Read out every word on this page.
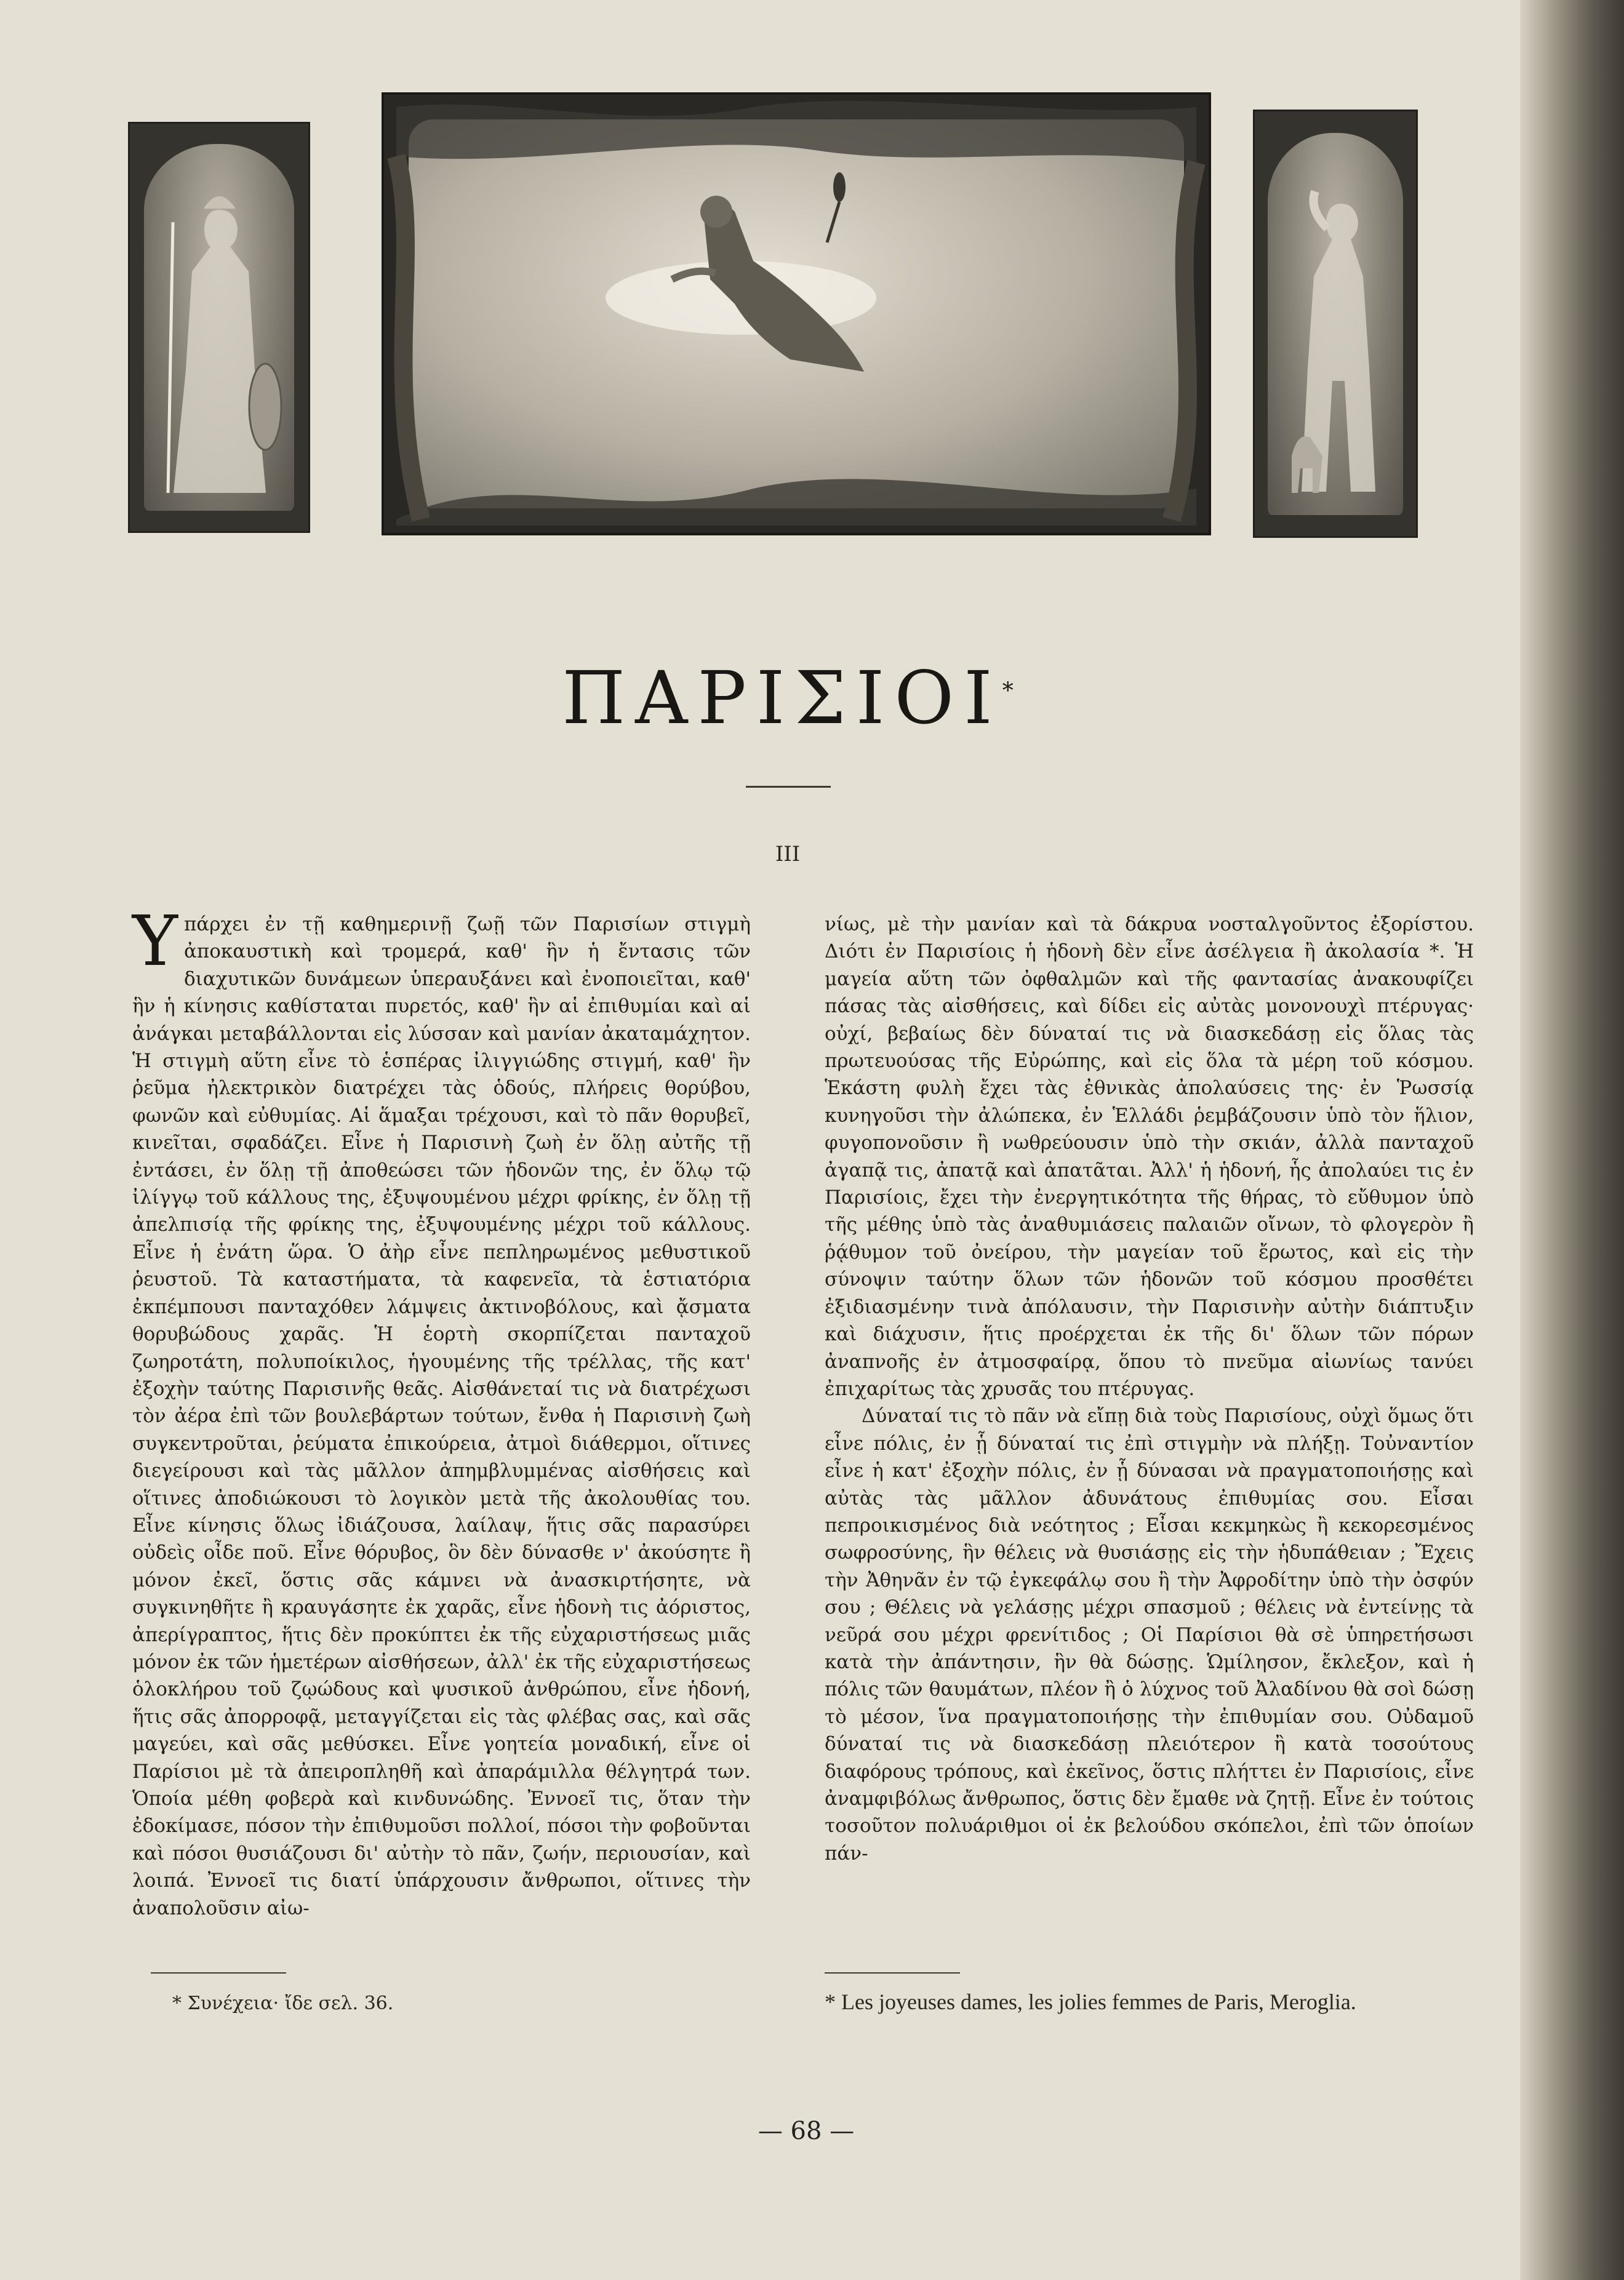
ΠΑΡΙΣΙΟΙ*
III
Υ πάρχει ἐν τῇ καθημερινῇ ζωῇ τῶν Παρισίων στιγμὴ ἀποκαυστικὴ καὶ τρομερά, καθ' ἣν ἡ ἔντασις τῶν διαχυτικῶν δυνάμεων ὑπεραυξάνει καὶ ἐνοποιεῖται, καθ' ἣν ἡ κίνησις καθίσταται πυρετός, καθ' ἣν αἱ ἐπιθυμίαι καὶ αἱ ἀνάγκαι μεταβάλλονται εἰς λύσσαν καὶ μανίαν ἀκαταμάχητον. Ἡ στιγμὴ αὕτη εἶνε τὸ ἑσπέρας ἰλιγγιώδης στιγμή, καθ' ἣν ῥεῦμα ἠλεκτρικὸν διατρέχει τὰς ὁδούς, πλήρεις θορύβου, φωνῶν καὶ εὐθυμίας. Αἱ ἅμαξαι τρέχουσι, καὶ τὸ πᾶν θορυβεῖ, κινεῖται, σφαδάζει. Εἶνε ἡ Παρισινὴ ζωὴ ἐν ὅλῃ αὐτῆς τῇ ἐντάσει, ἐν ὅλῃ τῇ ἀποθεώσει τῶν ἡδονῶν της, ἐν ὅλῳ τῷ ἰλίγγῳ τοῦ κάλλους της, ἐξυψουμένου μέχρι φρίκης, ἐν ὅλῃ τῇ ἀπελπισίᾳ τῆς φρίκης της, ἐξυψουμένης μέχρι τοῦ κάλλους. Εἶνε ἡ ἐνάτη ὥρα. Ὁ ἀὴρ εἶνε πεπληρωμένος μεθυστικοῦ ῥευστοῦ. Τὰ καταστήματα, τὰ καφενεῖα, τὰ ἑστιατόρια ἐκπέμπουσι πανταχόθεν λάμψεις ἀκτινοβόλους, καὶ ᾄσματα θορυβώδους χαρᾶς. Ἡ ἑορτὴ σκορπίζεται πανταχοῦ ζωηροτάτη, πολυποίκιλος, ἡγουμένης τῆς τρέλλας, τῆς κατ' ἐξοχὴν ταύτης Παρισινῆς θεᾶς. Αἰσθάνεταί τις νὰ διατρέχωσι τὸν ἀέρα ἐπὶ τῶν βουλεβάρτων τούτων, ἔνθα ἡ Παρισινὴ ζωὴ συγκεντροῦται, ῥεύματα ἐπικούρεια, ἀτμοὶ διάθερμοι, οἵτινες διεγείρουσι καὶ τὰς μᾶλλον ἀπημβλυμμένας αἰσθήσεις καὶ οἵτινες ἀποδιώκουσι τὸ λογικὸν μετὰ τῆς ἀκολουθίας του. Εἶνε κίνησις ὅλως ἰδιάζουσα, λαίλαψ, ἥτις σᾶς παρασύρει οὐδεὶς οἶδε ποῦ. Εἶνε θόρυβος, ὃν δὲν δύνασθε ν' ἀκούσητε ἢ μόνον ἐκεῖ, ὅστις σᾶς κάμνει νὰ ἀνασκιρτήσητε, νὰ συγκινηθῆτε ἢ κραυγάσητε ἐκ χαρᾶς, εἶνε ἡδονὴ τις ἀόριστος, ἀπερίγραπτος, ἥτις δὲν προκύπτει ἐκ τῆς εὐχαριστήσεως μιᾶς μόνον ἐκ τῶν ἡμετέρων αἰσθήσεων, ἀλλ' ἐκ τῆς εὐχαριστήσεως ὁλοκλήρου τοῦ ζῳώδους καὶ ψυσικοῦ ἀνθρώπου, εἶνε ἡδονή, ἥτις σᾶς ἀπορροφᾷ, μεταγγίζεται εἰς τὰς φλέβας σας, καὶ σᾶς μαγεύει, καὶ σᾶς μεθύσκει. Εἶνε γοητεία μοναδική, εἶνε οἱ Παρίσιοι μὲ τὰ ἀπειροπληθῆ καὶ ἀπαράμιλλα θέλγητρά των. Ὁποία μέθη φοβερὰ καὶ κινδυνώδης. Ἐννοεῖ τις, ὅταν τὴν ἐδοκίμασε, πόσον τὴν ἐπιθυμοῦσι πολλοί, πόσοι τὴν φοβοῦνται καὶ πόσοι θυσιάζουσι δι' αὐτὴν τὸ πᾶν, ζωήν, περιουσίαν, καὶ λοιπά. Ἐννοεῖ τις διατί ὑπάρχουσιν ἄνθρωποι, οἵτινες τὴν ἀναπολοῦσιν αἰω-

νίως, μὲ τὴν μανίαν καὶ τὰ δάκρυα νοσταλγοῦντος ἐξορίστου. Διότι ἐν Παρισίοις ἡ ἡδονὴ δὲν εἶνε ἀσέλγεια ἢ ἀκολασία *. Ἡ μαγεία αὕτη τῶν ὀφθαλμῶν καὶ τῆς φαντασίας ἀνακουφίζει πάσας τὰς αἰσθήσεις, καὶ δίδει εἰς αὐτὰς μονονουχὶ πτέρυγας· οὐχί, βεβαίως δὲν δύναταί τις νὰ διασκεδάσῃ εἰς ὅλας τὰς πρωτευούσας τῆς Εὐρώπης, καὶ εἰς ὅλα τὰ μέρη τοῦ κόσμου. Ἑκάστη φυλὴ ἔχει τὰς ἐθνικὰς ἀπολαύσεις της· ἐν Ῥωσσίᾳ κυνηγοῦσι τὴν ἀλώπεκα, ἐν Ἑλλάδι ῥεμβάζουσιν ὑπὸ τὸν ἥλιον, φυγοπονοῦσιν ἢ νωθρεύουσιν ὑπὸ τὴν σκιάν, ἀλλὰ πανταχοῦ ἀγαπᾷ τις, ἀπατᾷ καὶ ἀπατᾶται. Ἀλλ' ἡ ἡδονή, ἧς ἀπολαύει τις ἐν Παρισίοις, ἔχει τὴν ἐνεργητικότητα τῆς θήρας, τὸ εὔθυμον ὑπὸ τῆς μέθης ὑπὸ τὰς ἀναθυμιάσεις παλαιῶν οἴνων, τὸ φλογερὸν ἢ ῥᾴθυμον τοῦ ὀνείρου, τὴν μαγείαν τοῦ ἔρωτος, καὶ εἰς τὴν σύνοψιν ταύτην ὅλων τῶν ἡδονῶν τοῦ κόσμου προσθέτει ἐξιδιασμένην τινὰ ἀπόλαυσιν, τὴν Παρισινὴν αὐτὴν διάπτυξιν καὶ διάχυσιν, ἥτις προέρχεται ἐκ τῆς δι' ὅλων τῶν πόρων ἀναπνοῆς ἐν ἀτμοσφαίρᾳ, ὅπου τὸ πνεῦμα αἰωνίως τανύει ἐπιχαρίτως τὰς χρυσᾶς του πτέρυγας.

Δύναταί τις τὸ πᾶν νὰ εἴπῃ διὰ τοὺς Παρισίους, οὐχὶ ὅμως ὅτι εἶνε πόλις, ἐν ᾗ δύναταί τις ἐπὶ στιγμὴν νὰ πλήξῃ. Τοὐναντίον εἶνε ἡ κατ' ἐξοχὴν πόλις, ἐν ᾗ δύνασαι νὰ πραγματοποιήσῃς καὶ αὐτὰς τὰς μᾶλλον ἀδυνάτους ἐπιθυμίας σου. Εἶσαι πεπροικισμένος διὰ νεότητος ; Εἶσαι κεκμηκὼς ἢ κεκορεσμένος σωφροσύνης, ἣν θέλεις νὰ θυσιάσῃς εἰς τὴν ἡδυπάθειαν ; Ἔχεις τὴν Ἀθηνᾶν ἐν τῷ ἐγκεφάλῳ σου ἢ τὴν Ἀφροδίτην ὑπὸ τὴν ὀσφύν σου ; Θέλεις νὰ γελάσῃς μέχρι σπασμοῦ ; θέλεις νὰ ἐντείνῃς τὰ νεῦρά σου μέχρι φρενίτιδος ; Οἱ Παρίσιοι θὰ σὲ ὑπηρετήσωσι κατὰ τὴν ἀπάντησιν, ἣν θὰ δώσῃς. Ὡμίλησον, ἔκλεξον, καὶ ἡ πόλις τῶν θαυμάτων, πλέον ἢ ὁ λύχνος τοῦ Ἀλαδίνου θὰ σοὶ δώσῃ τὸ μέσον, ἵνα πραγματοποιήσῃς τὴν ἐπιθυμίαν σου. Οὐδαμοῦ δύναταί τις νὰ διασκεδάσῃ πλειότερον ἢ κατὰ τοσούτους διαφόρους τρόπους, καὶ ἐκεῖνος, ὅστις πλήττει ἐν Παρισίοις, εἶνε ἀναμφιβόλως ἄνθρωπος, ὅστις δὲν ἔμαθε νὰ ζητῇ. Εἶνε ἐν τούτοις τοσοῦτον πολυάριθμοι οἱ ἐκ βελούδου σκόπελοι, ἐπὶ τῶν ὁποίων πάν-

* Συνέχεια· ἴδε σελ. 36.	* Les joyeuses dames, les jolies femmes de Paris, Meroglia.
— 68 —
